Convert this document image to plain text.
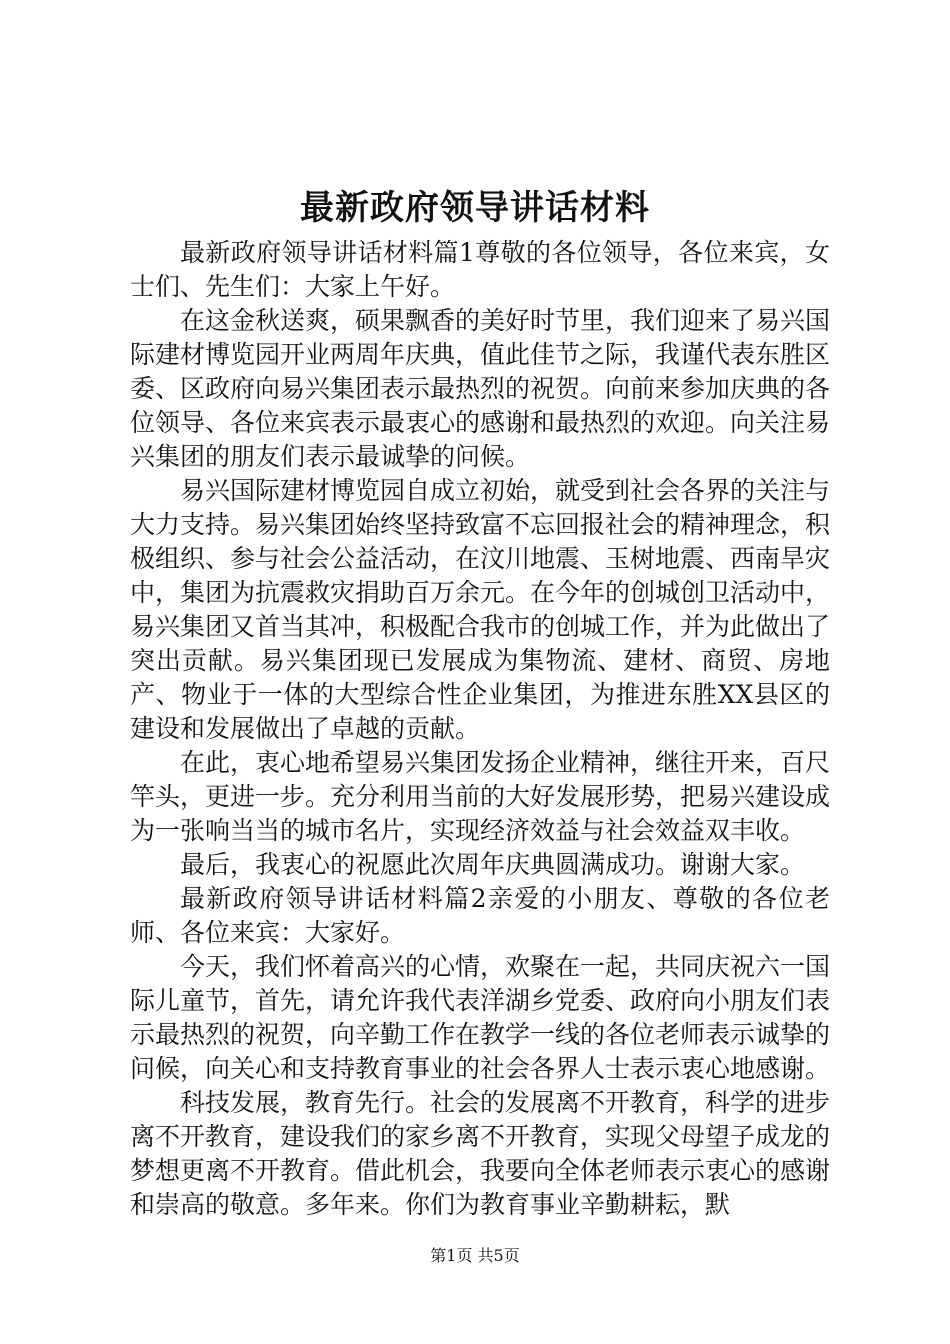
最新政府领导讲话材料

最新政府领导讲话材料篇1尊敬的各位领导，各位来宾，女士们、先生们：大家上午好。

在这金秋送爽，硕果飘香的美好时节里，我们迎来了易兴国际建材博览园开业两周年庆典，值此佳节之际，我谨代表东胜区委、区政府向易兴集团表示最热烈的祝贺。向前来参加庆典的各位领导、各位来宾表示最衷心的感谢和最热烈的欢迎。向关注易兴集团的朋友们表示最诚挚的问候。

易兴国际建材博览园自成立初始，就受到社会各界的关注与大力支持。易兴集团始终坚持致富不忘回报社会的精神理念，积极组织、参与社会公益活动，在汶川地震、玉树地震、西南旱灾中，集团为抗震救灾捐助百万余元。在今年的创城创卫活动中，易兴集团又首当其冲，积极配合我市的创城工作，并为此做出了突出贡献。易兴集团现已发展成为集物流、建材、商贸、房地产、物业于一体的大型综合性企业集团，为推进东胜XX县区的建设和发展做出了卓越的贡献。

在此，衷心地希望易兴集团发扬企业精神，继往开来，百尺竿头，更进一步。充分利用当前的大好发展形势，把易兴建设成为一张响当当的城市名片，实现经济效益与社会效益双丰收。

最后，我衷心的祝愿此次周年庆典圆满成功。谢谢大家。

最新政府领导讲话材料篇2亲爱的小朋友、尊敬的各位老师、各位来宾：大家好。

今天，我们怀着高兴的心情，欢聚在一起，共同庆祝六一国际儿童节，首先，请允许我代表洋湖乡党委、政府向小朋友们表示最热烈的祝贺，向辛勤工作在教学一线的各位老师表示诚挚的问候，向关心和支持教育事业的社会各界人士表示衷心地感谢。

科技发展，教育先行。社会的发展离不开教育，科学的进步离不开教育，建设我们的家乡离不开教育，实现父母望子成龙的梦想更离不开教育。借此机会，我要向全体老师表示衷心的感谢和崇高的敬意。多年来。你们为教育事业辛勤耕耘，默

第1页 共5页
